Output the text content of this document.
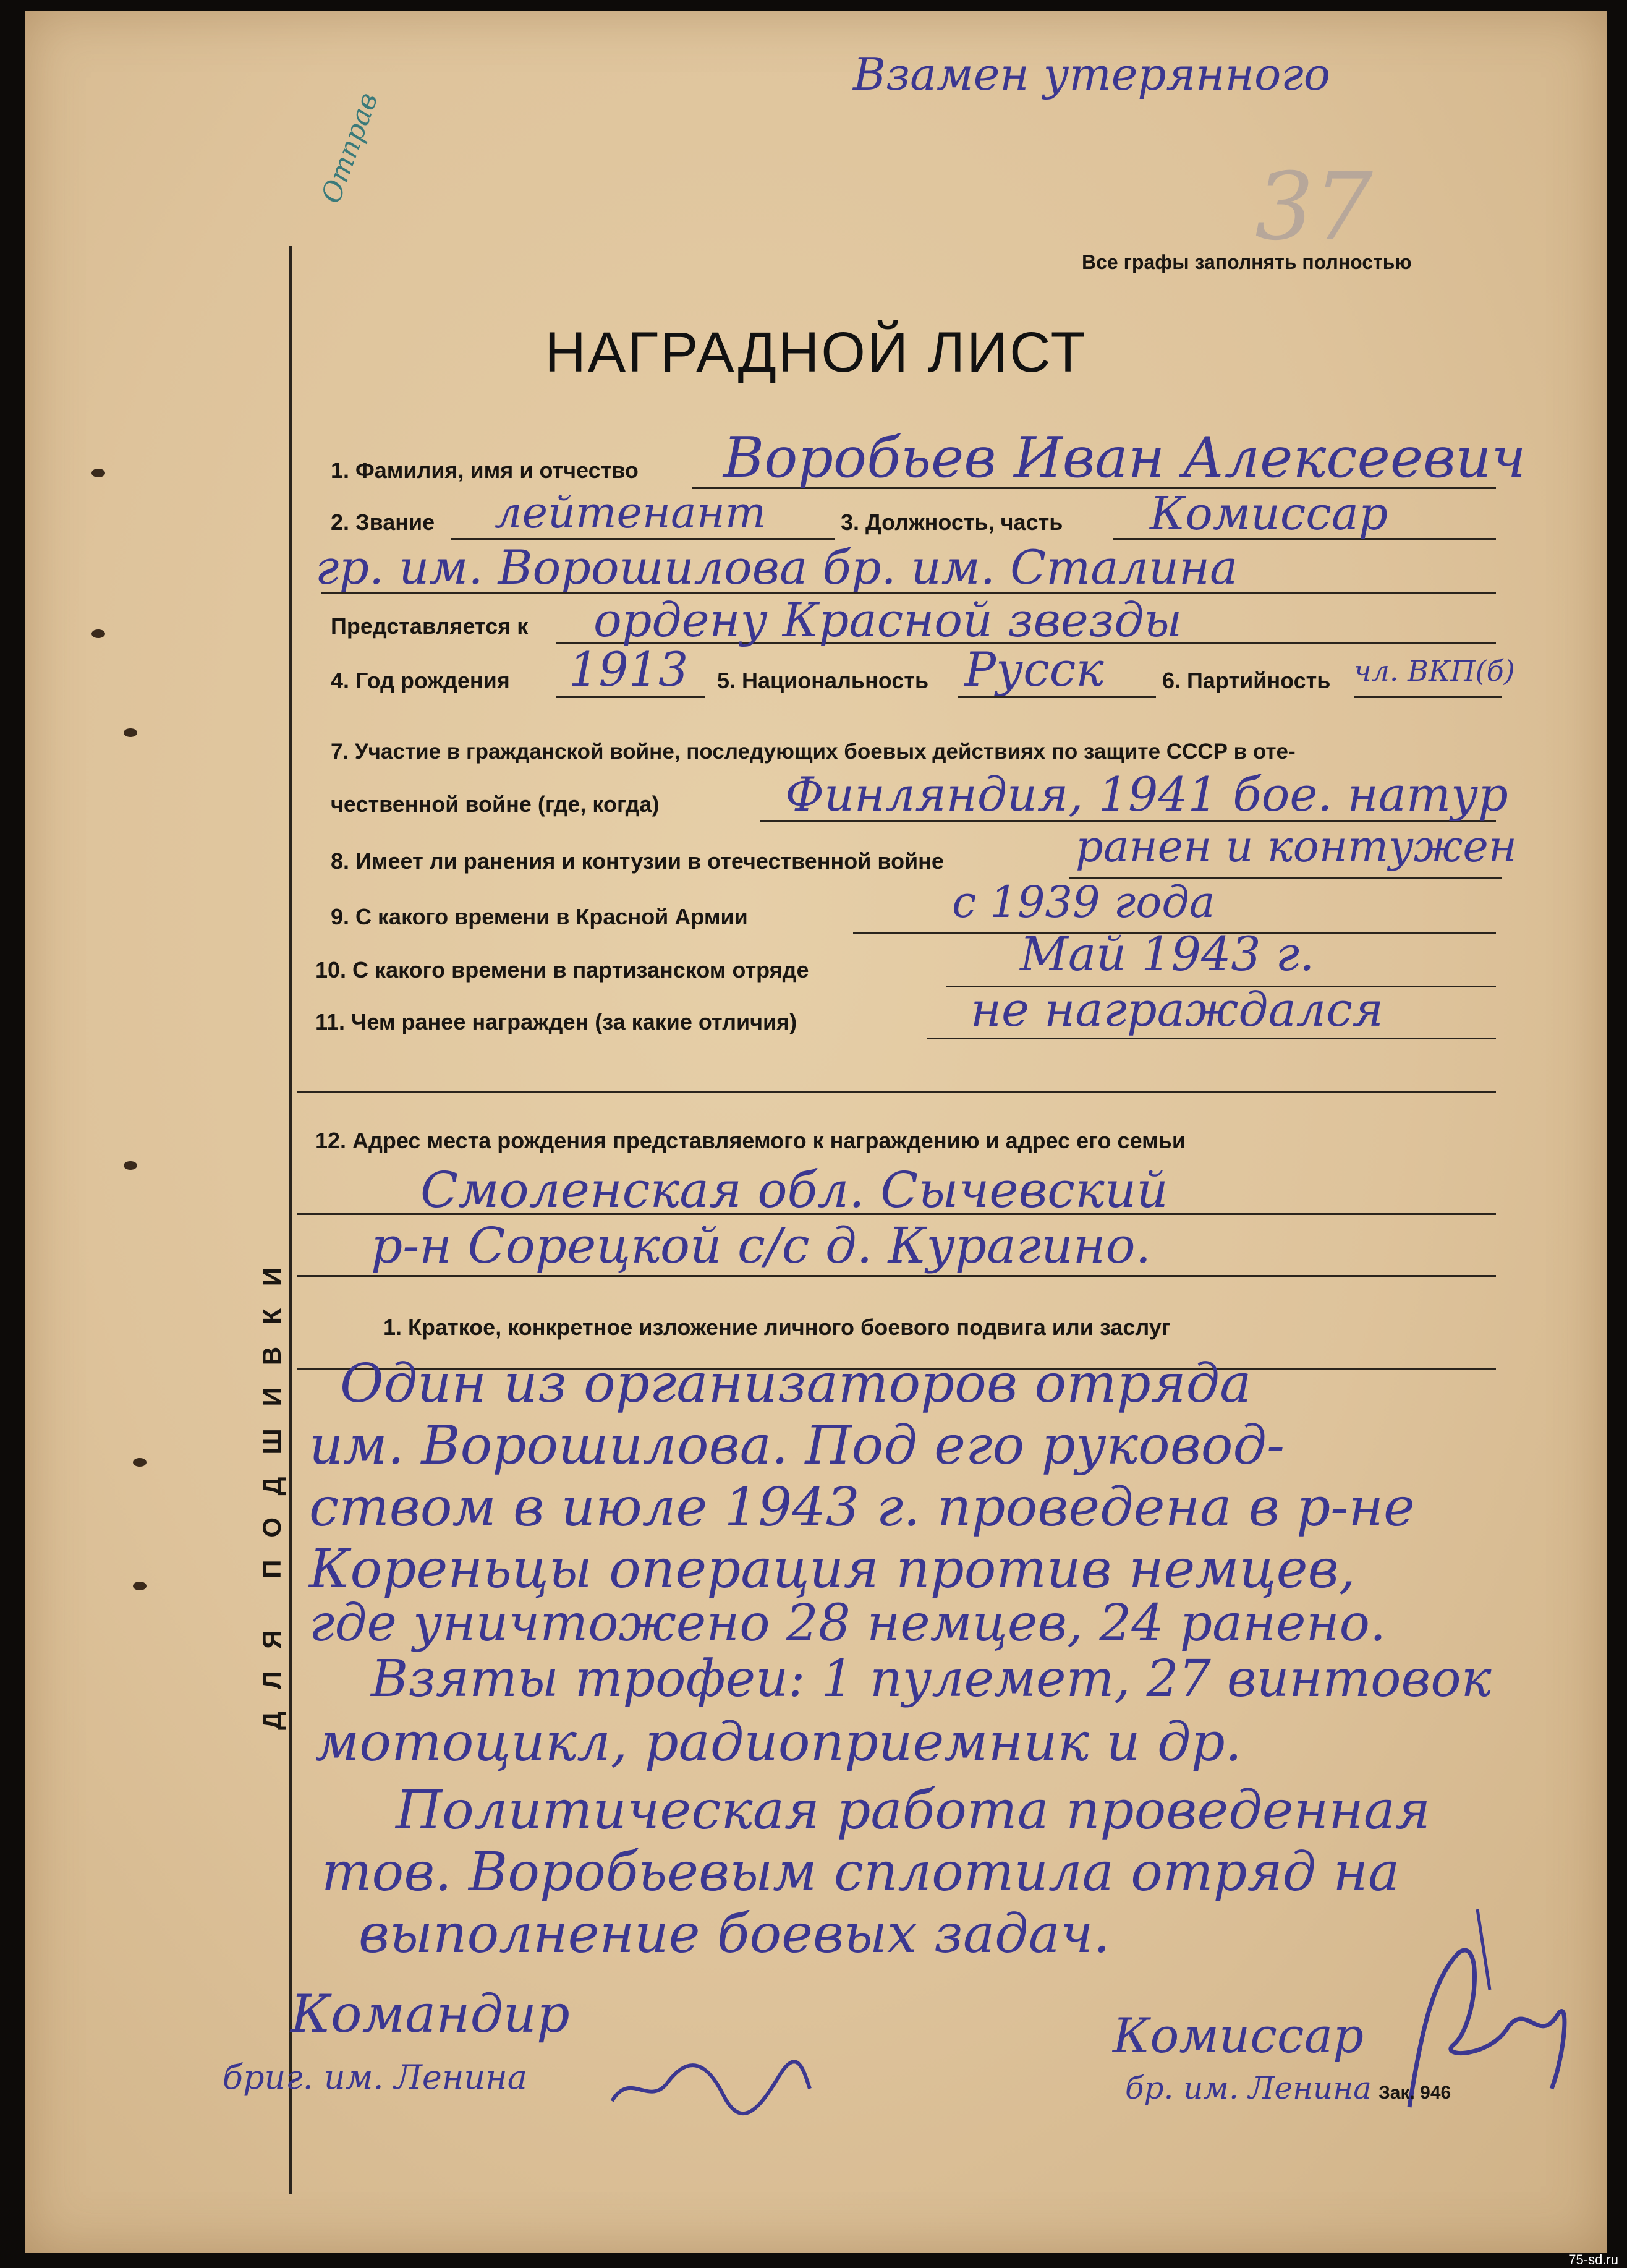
Взамен утерянного
Отправ	37
Все графы заполнять полностью
НАГРАДНОЙ ЛИСТ
ДЛЯ ПОДШИВКИ
1. Фамилия, имя и отчество Воробьев Иван Алексеевич
2. Звание лейтенант	3. Должность, часть Комиссар
гр. им. Ворошилова бр. им. Сталина
Представляется к ордену Красной звезды
4. Год рождения 1913 5. Национальность Русск	6. Партийность чл. ВКП(б)
7. Участие в гражданской войне, последующих боевых действиях по защите СССР в оте-
чественной войне (где, когда)	Финляндия, 1941 бое. натур
8. Имеет ли ранения и контузии в отечественной войне	ранен и контужен
9. С какого времени в Красной Армии	с 1939 года
10. С какого времени в партизанском отряде	Май 1943 г.
11. Чем ранее награжден (за какие отличия)	не награждался
12. Адрес места рождения представляемого к награждению и адрес его семьи
Смоленская обл. Сычевский
р-н Сорецкой с/с д. Курагино.
1. Краткое, конкретное изложение личного боевого подвига или заслуг
Один из организаторов отряда
им. Ворошилова. Под его руковод-
ством в июле 1943 г. проведена в р-не
Кореньцы операция против немцев,
где уничтожено 28 немцев, 24 ранено.
Взяты трофеи: 1 пулемет, 27 винтовок
мотоцикл, радиоприемник и др.
Политическая работа проведенная
тов. Воробьевым сплотила отряд на
выполнение боевых задач.
Командир
бриг. им. Ленина
Комиссар
бр. им. Ленина Зак. 946
75-sd.ru
